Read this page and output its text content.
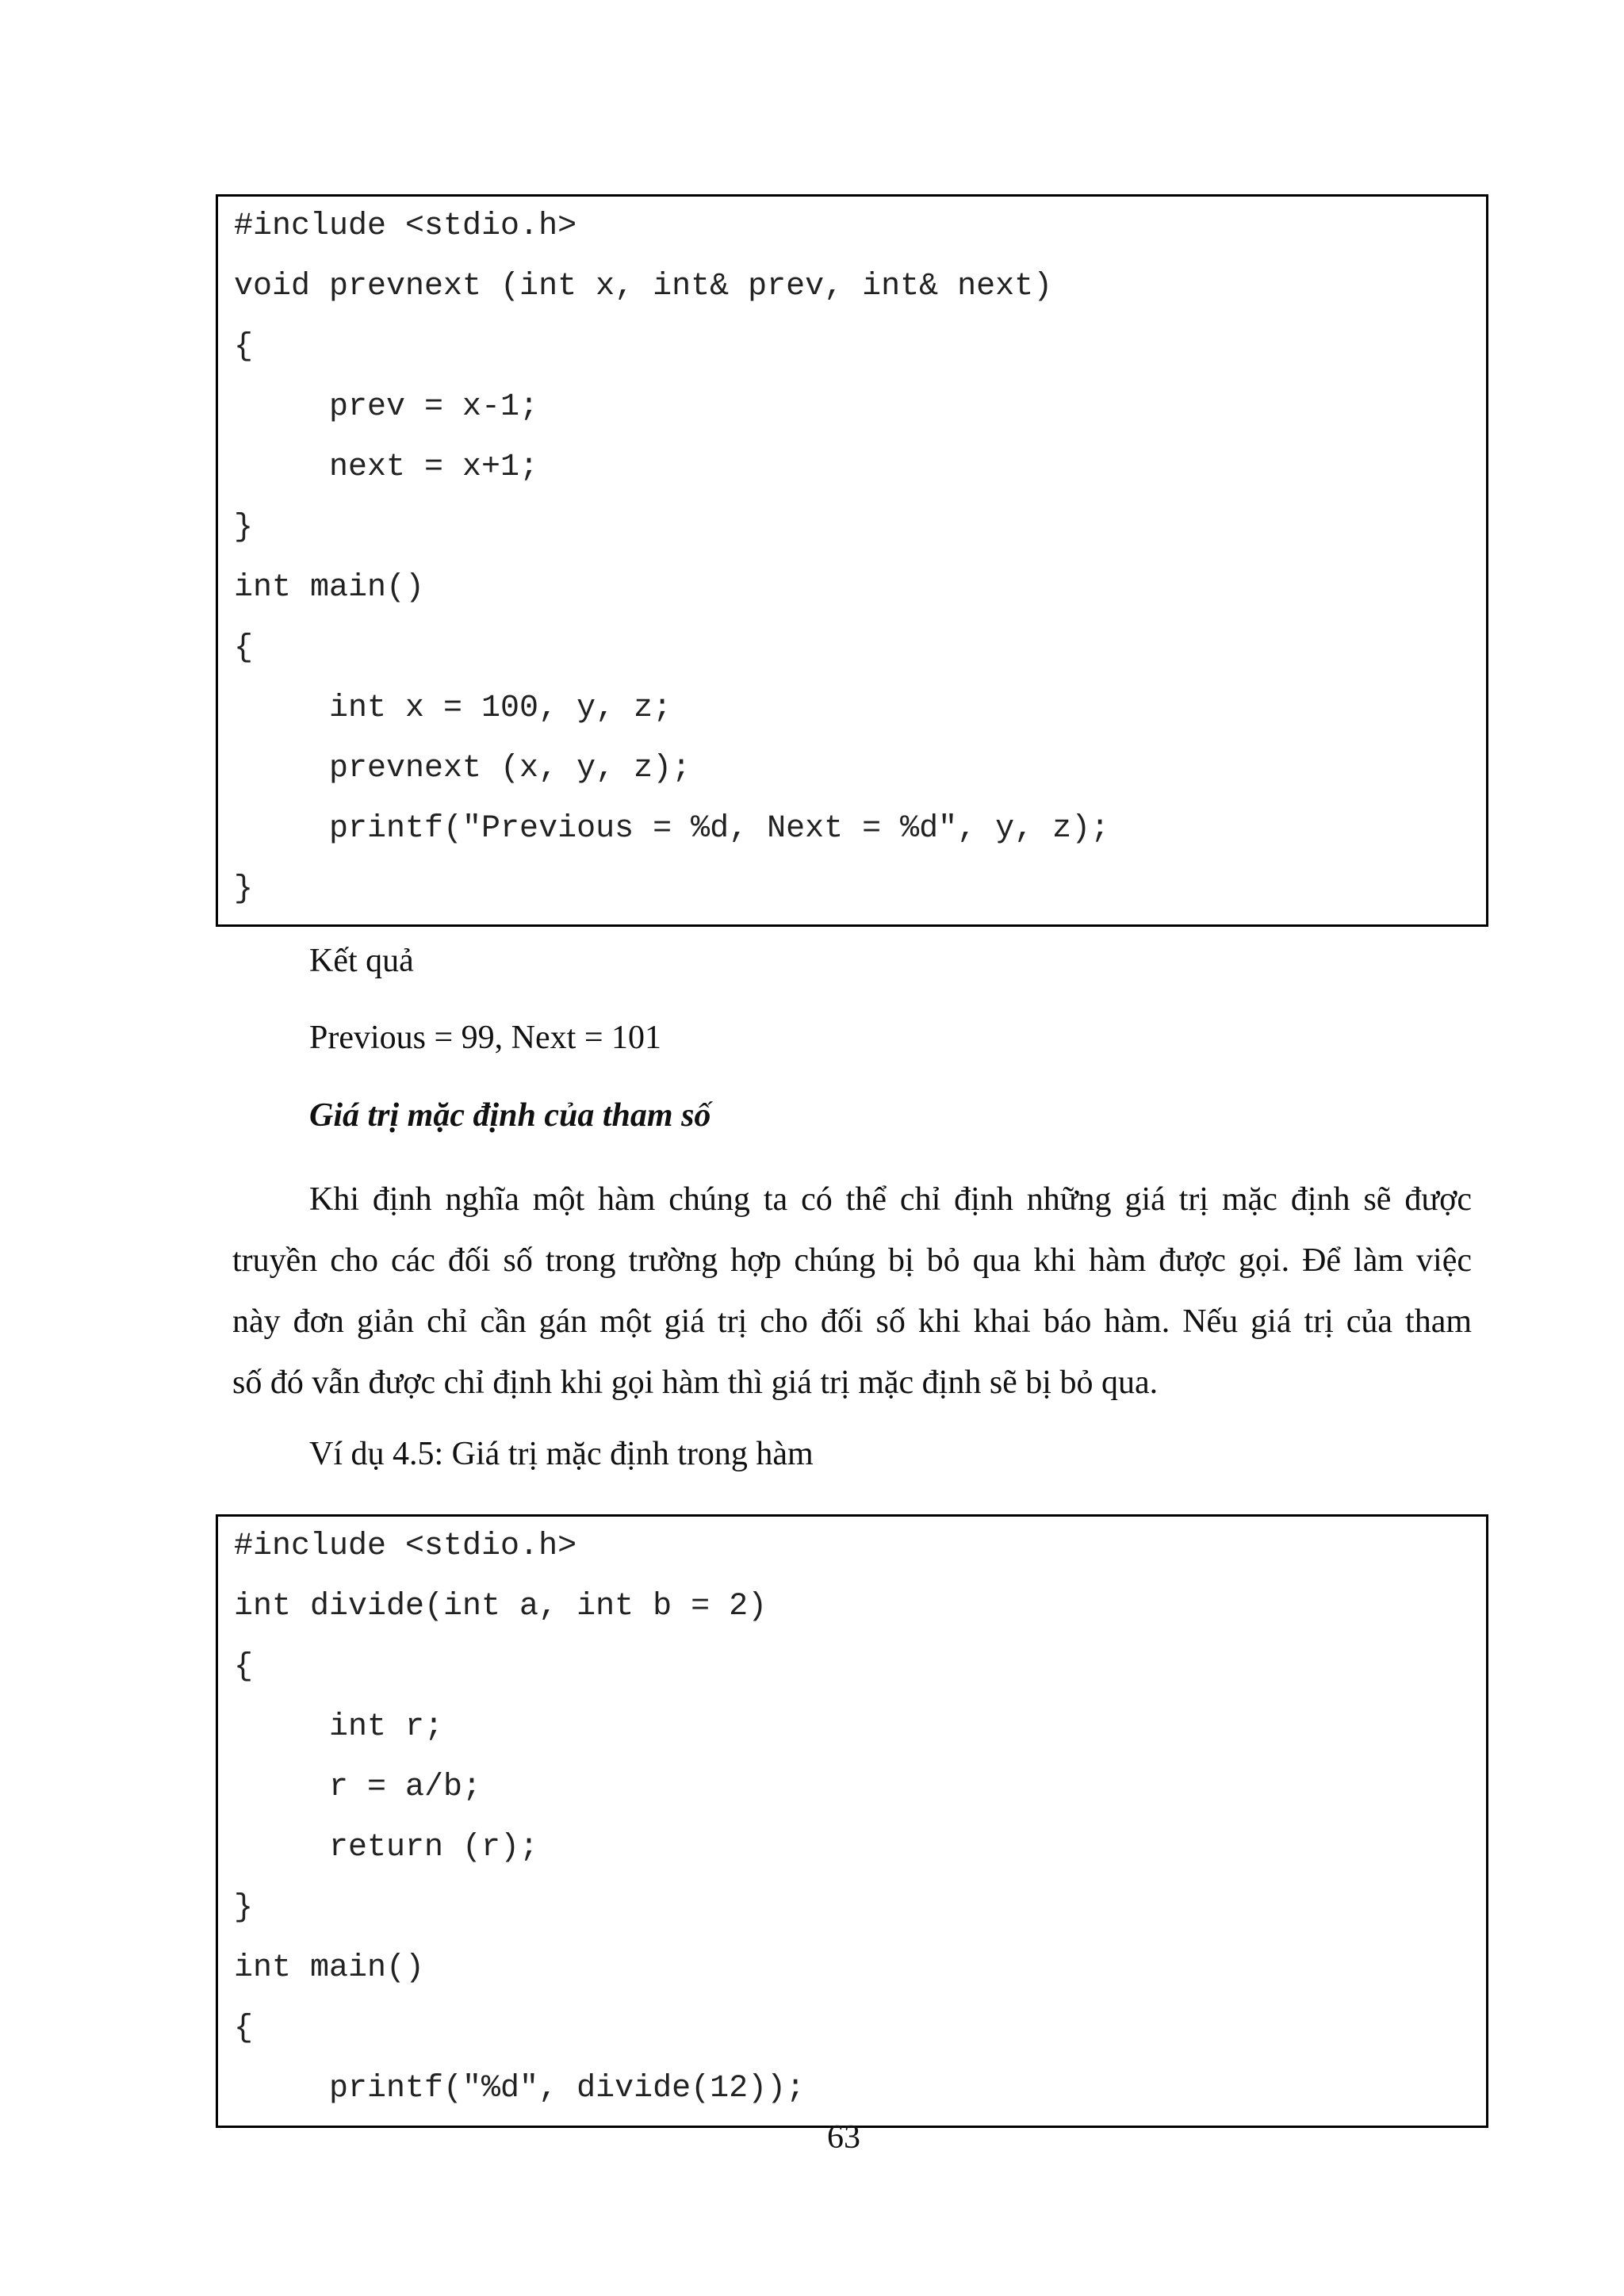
#include <stdio.h>
void prevnext (int x, int& prev, int& next)
{
prev = x-1;
next = x+1;
}
int main()
{
int x = 100, y, z;
prevnext (x, y, z);
printf("Previous = %d, Next = %d", y, z);
}
Kết quả
Previous = 99, Next = 101
Giá trị mặc định của tham số
Khi định nghĩa một hàm chúng ta có thể chỉ định những giá trị mặc định sẽ được
truyền cho các đối số trong trường hợp chúng bị bỏ qua khi hàm được gọi. Để làm việc
này đơn giản chỉ cần gán một giá trị cho đối số khi khai báo hàm. Nếu giá trị của tham
số đó vẫn được chỉ định khi gọi hàm thì giá trị mặc định sẽ bị bỏ qua.
Ví dụ 4.5: Giá trị mặc định trong hàm
#include <stdio.h>
int divide(int a, int b = 2)
{
int r;
r = a/b;
return (r);
}
int main()
{
printf("%d", divide(12));
63
